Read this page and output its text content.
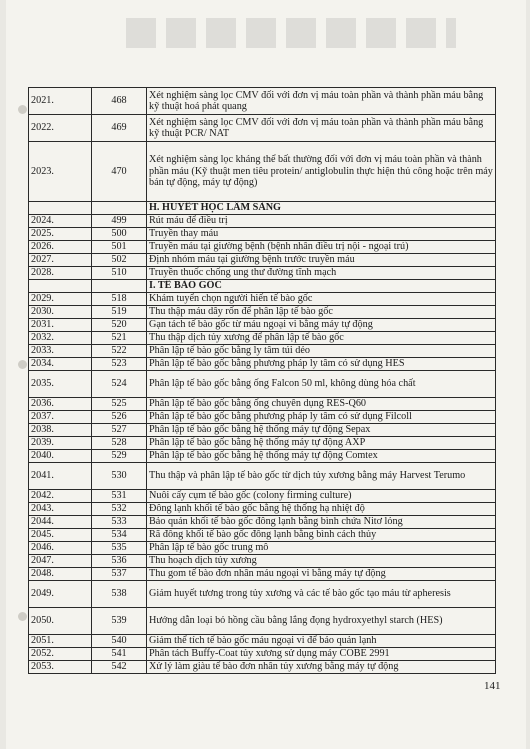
2021.	468	Xét nghiệm sàng lọc CMV đối với đơn vị máu toàn phần và thành phần máu bằng kỹ thuật hoá phát quang
2022.	469	Xét nghiệm sàng lọc CMV đối với đơn vị máu toàn phần và thành phần máu bằng kỹ thuật PCR/ NAT
2023.	470	Xét nghiệm sàng lọc kháng thể bất thường đối với đơn vị máu toàn phần và thành phần máu (Kỹ thuật men tiêu protein/ antiglobulin thực hiện thủ công hoặc trên máy bán tự động, máy tự động)
		H. HUYẾT HỌC LÂM SÀNG
2024.	499	Rút máu để điều trị
2025.	500	Truyền thay máu
2026.	501	Truyền máu tại giường bệnh (bệnh nhân điều trị nội - ngoại trú)
2027.	502	Định nhóm máu tại giường bệnh trước truyền máu
2028.	510	Truyền thuốc chống ung thư đường tĩnh mạch
		I. TẾ BÀO GỐC
2029.	518	Khám tuyển chọn người hiến tế bào gốc
2030.	519	Thu thập máu dây rốn để phân lập tế bào gốc
2031.	520	Gạn tách tế bào gốc từ máu ngoại vi bằng máy tự động
2032.	521	Thu thập dịch tủy xương để phân lập tế bào gốc
2033.	522	Phân lập tế bào gốc bằng ly tâm túi dẻo
2034.	523	Phân lập tế bào gốc bằng phương pháp ly tâm có sử dụng HES
2035.	524	Phân lập tế bào gốc bằng ống Falcon 50 ml, không dùng hóa chất
2036.	525	Phân lập tế bào gốc bằng ống chuyên dụng RES-Q60
2037.	526	Phân lập tế bào gốc bằng phương pháp ly tâm có sử dụng Filcoll
2038.	527	Phân lập tế bào gốc bằng hệ thống máy tự động Sepax
2039.	528	Phân lập tế bào gốc bằng hệ thống máy tự động AXP
2040.	529	Phân lập tế bào gốc bằng hệ thống máy tự động Comtex
2041.	530	Thu thập và phân lập tế bào gốc từ dịch tủy xương bằng máy Harvest Terumo
2042.	531	Nuôi cấy cụm tế bào gốc (colony firming culture)
2043.	532	Đông lạnh khối tế bào gốc bằng hệ thống hạ nhiệt độ
2044.	533	Bảo quản khối tế bào gốc đông lạnh bằng bình chứa Nitơ lỏng
2045.	534	Rã đông khối tế bào gốc đông lạnh bằng bình cách thủy
2046.	535	Phân lập tế bào gốc trung mô
2047.	536	Thu hoạch dịch tủy xương
2048.	537	Thu gom tế bào đơn nhân máu ngoại vi bằng máy tự động
2049.	538	Giảm huyết tương trong tủy xương và các tế bào gốc tạo máu từ apheresis
2050.	539	Hướng dẫn loại bỏ hồng cầu bằng lắng đọng hydroxyethyl starch (HES)
2051.	540	Giảm thể tích tế bào gốc máu ngoại vi để bảo quản lạnh
2052.	541	Phân tách Buffy-Coat tủy xương sử dụng máy COBE 2991
2053.	542	Xử lý làm giàu tế bào đơn nhân tủy xương bằng máy tự động
141
